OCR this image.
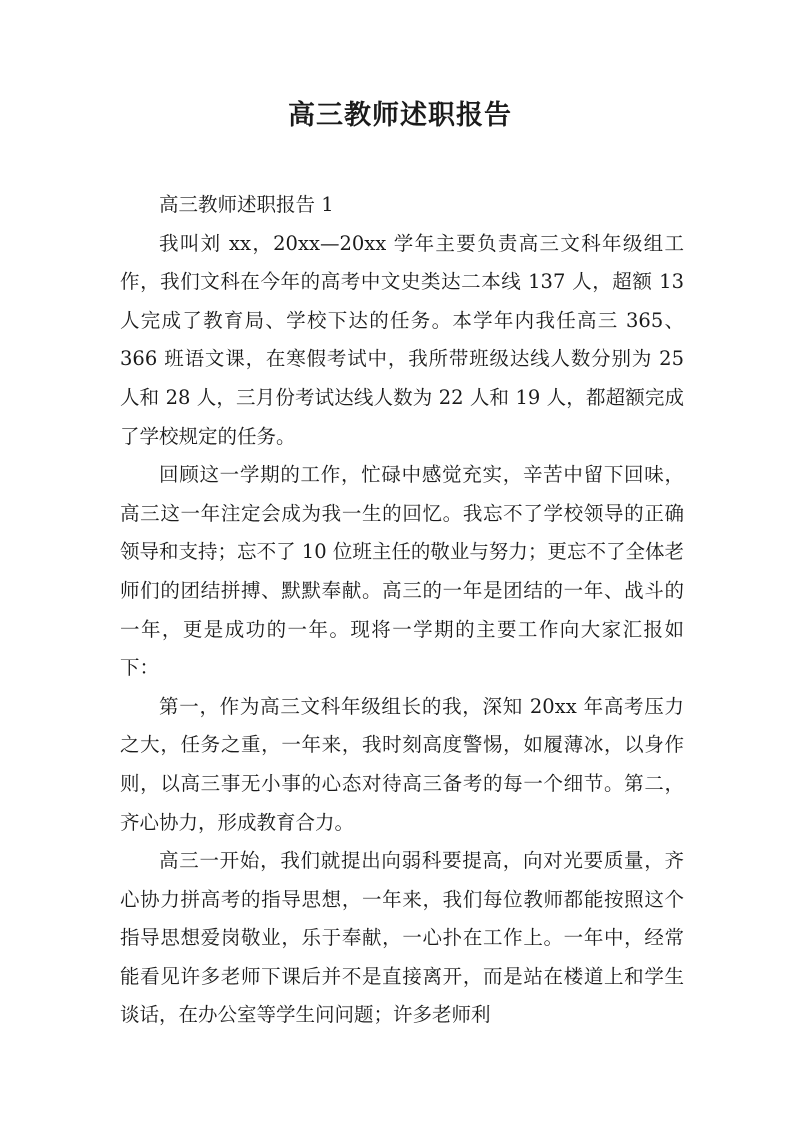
高三教师述职报告

高三教师述职报告 1

我叫刘 xx，20xx—20xx 学年主要负责高三文科年级组工作，我们文科在今年的高考中文史类达二本线 137 人，超额 13 人完成了教育局、学校下达的任务。本学年内我任高三 365、366 班语文课，在寒假考试中，我所带班级达线人数分别为 25 人和 28 人，三月份考试达线人数为 22 人和 19 人，都超额完成了学校规定的任务。

回顾这一学期的工作，忙碌中感觉充实，辛苦中留下回味，高三这一年注定会成为我一生的回忆。我忘不了学校领导的正确领导和支持；忘不了 10 位班主任的敬业与努力；更忘不了全体老师们的团结拼搏、默默奉献。高三的一年是团结的一年、战斗的一年，更是成功的一年。现将一学期的主要工作向大家汇报如下：

第一，作为高三文科年级组长的我，深知 20xx 年高考压力之大，任务之重，一年来，我时刻高度警惕，如履薄冰，以身作则，以高三事无小事的心态对待高三备考的每一个细节。第二，齐心协力，形成教育合力。

高三一开始，我们就提出向弱科要提高，向对光要质量，齐心协力拼高考的指导思想，一年来，我们每位教师都能按照这个指导思想爱岗敬业，乐于奉献，一心扑在工作上。一年中，经常能看见许多老师下课后并不是直接离开，而是站在楼道上和学生谈话，在办公室等学生问问题；许多老师利
